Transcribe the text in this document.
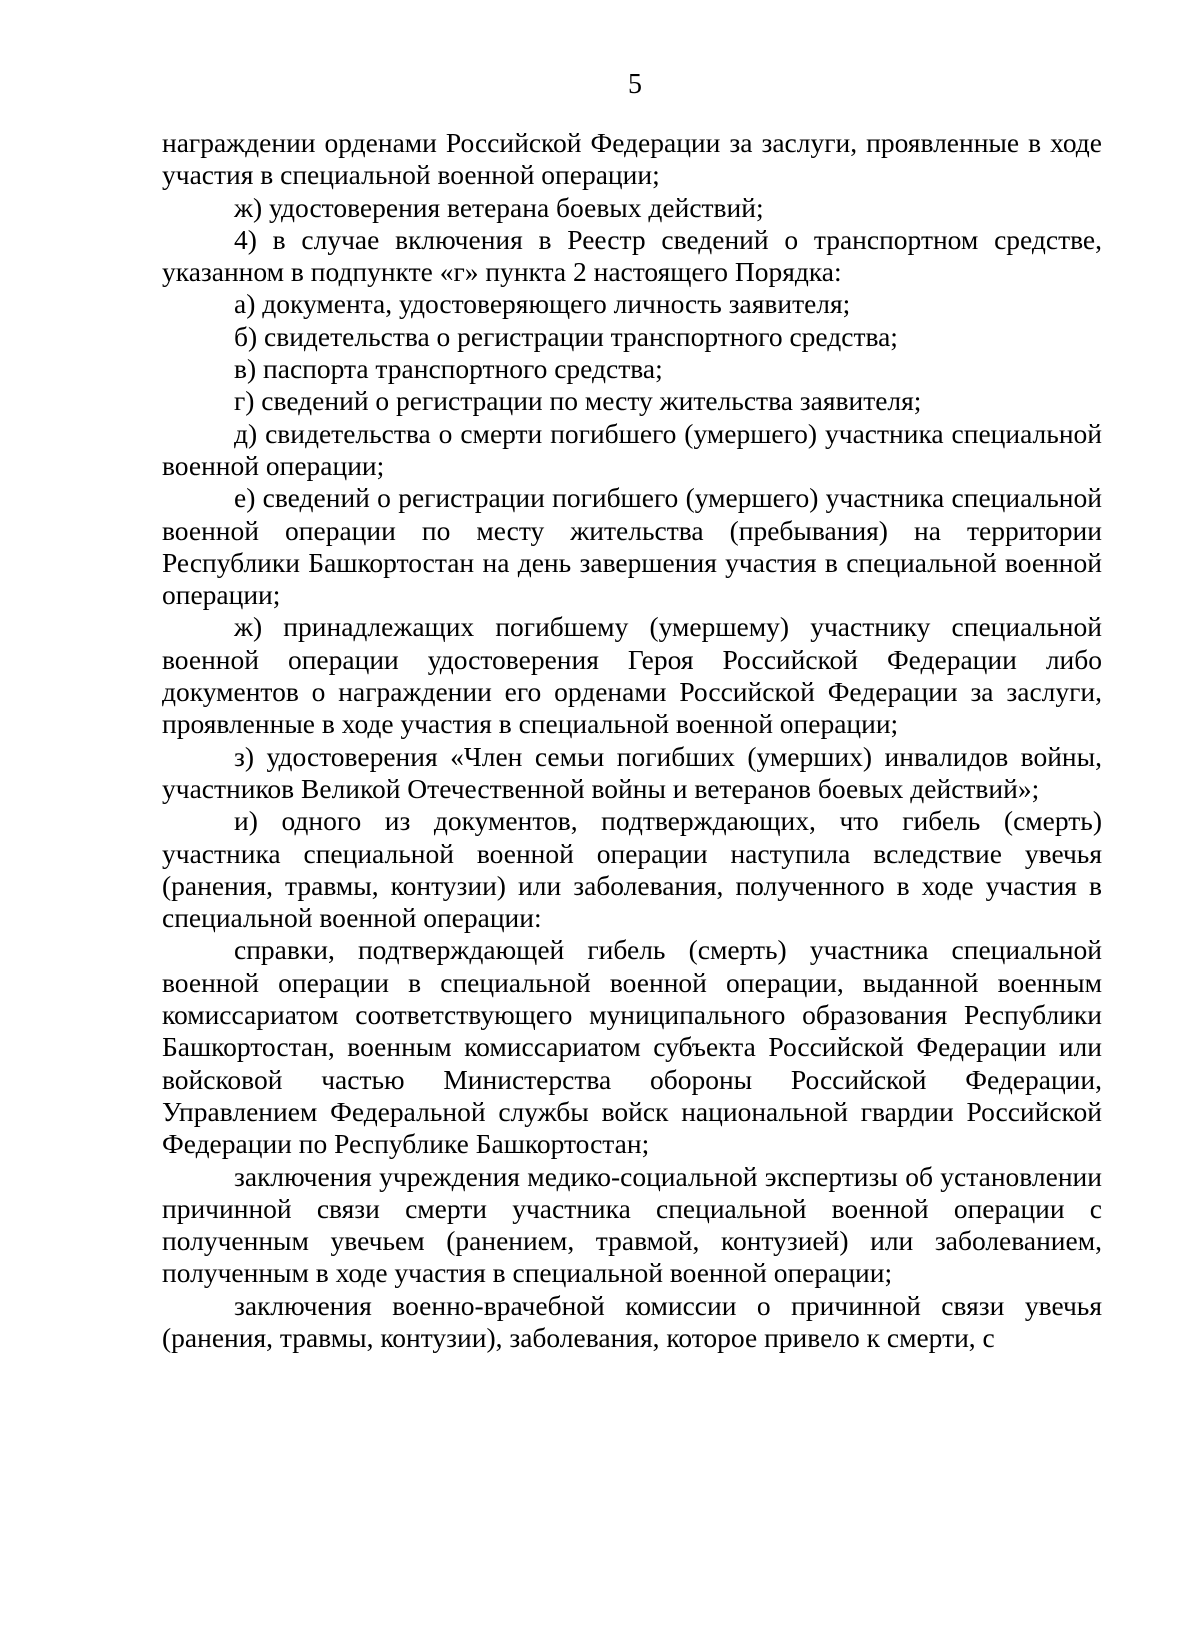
5

награждении орденами Российской Федерации за заслуги, проявленные в ходе участия в специальной военной операции;

ж) удостоверения ветерана боевых действий;

4) в случае включения в Реестр сведений о транспортном средстве, указанном в подпункте «г» пункта 2 настоящего Порядка:

а) документа, удостоверяющего личность заявителя;

б) свидетельства о регистрации транспортного средства;

в) паспорта транспортного средства;

г) сведений о регистрации по месту жительства заявителя;

д) свидетельства о смерти погибшего (умершего) участника специальной военной операции;

е) сведений о регистрации погибшего (умершего) участника специальной военной операции по месту жительства (пребывания) на территории Республики Башкортостан на день завершения участия в специальной военной операции;

ж) принадлежащих погибшему (умершему) участнику специальной военной операции удостоверения Героя Российской Федерации либо документов о награждении его орденами Российской Федерации за заслуги, проявленные в ходе участия в специальной военной операции;

з) удостоверения «Член семьи погибших (умерших) инвалидов войны, участников Великой Отечественной войны и ветеранов боевых действий»;

и) одного из документов, подтверждающих, что гибель (смерть) участника специальной военной операции наступила вследствие увечья (ранения, травмы, контузии) или заболевания, полученного в ходе участия в специальной военной операции:

справки, подтверждающей гибель (смерть) участника специальной военной операции в специальной военной операции, выданной военным комиссариатом соответствующего муниципального образования Республики Башкортостан, военным комиссариатом субъекта Российской Федерации или войсковой частью Министерства обороны Российской Федерации, Управлением Федеральной службы войск национальной гвардии Российской Федерации по Республике Башкортостан;

заключения учреждения медико-социальной экспертизы об установлении причинной связи смерти участника специальной военной операции с полученным увечьем (ранением, травмой, контузией) или заболеванием, полученным в ходе участия в специальной военной операции;

заключения военно-врачебной комиссии о причинной связи увечья (ранения, травмы, контузии), заболевания, которое привело к смерти, с
